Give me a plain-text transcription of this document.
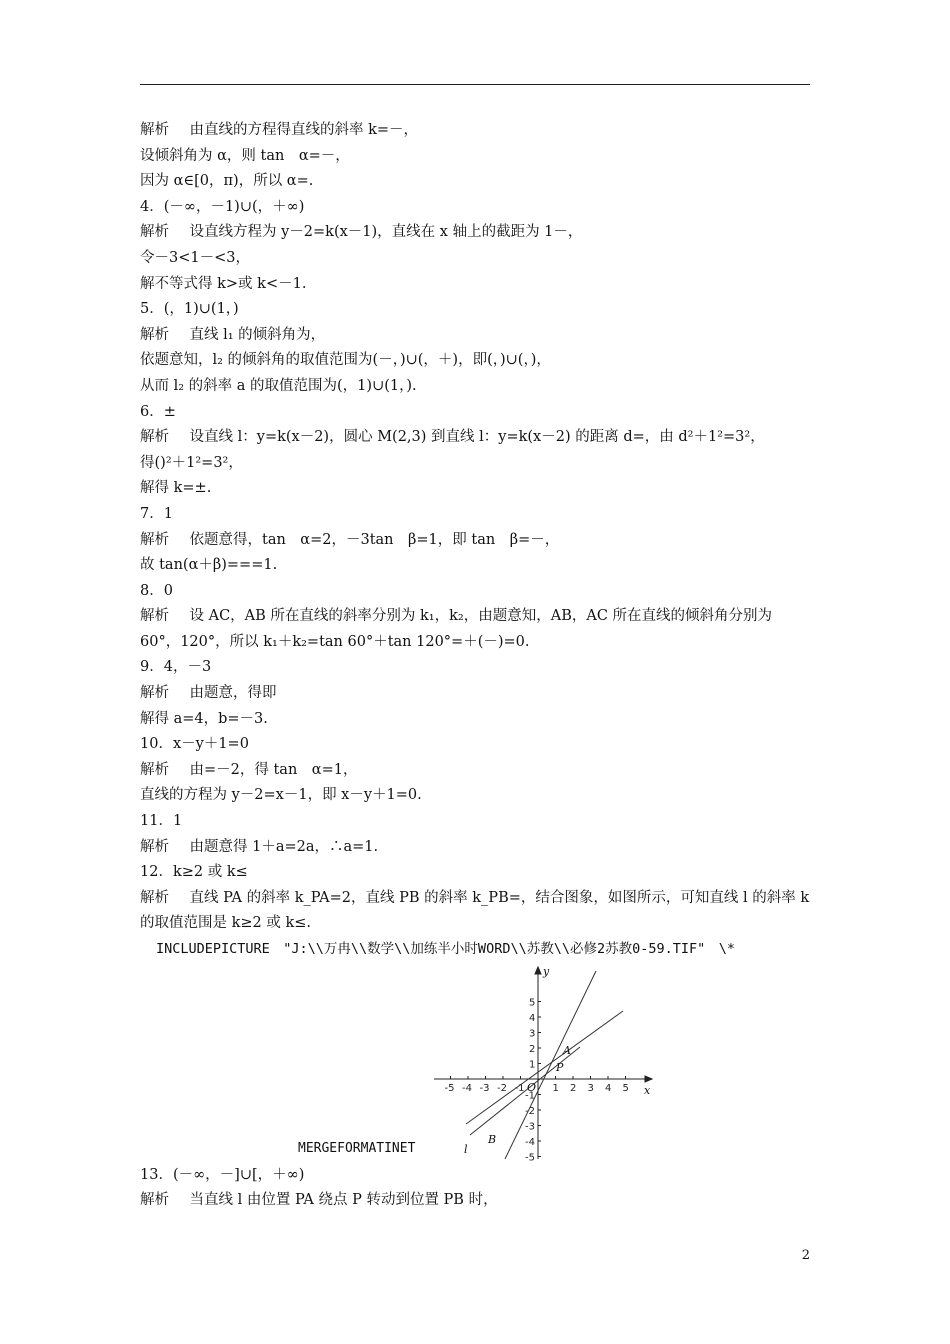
解析　 由直线的方程得直线的斜率 k=－，
设倾斜角为 α，则 tan　α=－，
因为 α∈[0，π)，所以 α=.
4．(－∞，－1)∪(，＋∞)
解析　 设直线方程为 y－2=k(x－1)，直线在 x 轴上的截距为 1－，
令－3<1－<3，
解不等式得 k>或 k<－1.
5．(，1)∪(1，)
解析　 直线 l₁ 的倾斜角为，
依题意知，l₂ 的倾斜角的取值范围为(－，)∪(，＋)，即(，)∪(，)，
从而 l₂ 的斜率 a 的取值范围为(，1)∪(1，).
6．±
解析　 设直线 l：y=k(x－2)，圆心 M(2,3) 到直线 l：y=k(x－2) 的距离 d=，由 d²＋1²=3²，
得()²＋1²=3²，
解得 k=±.
7．1
解析　 依题意得，tan　α=2，－3tan　β=1，即 tan　β=－，
故 tan(α＋β)===1.
8．0
解析　 设 AC，AB 所在直线的斜率分别为 k₁，k₂，由题意知，AB，AC 所在直线的倾斜角分别为
60°，120°，所以 k₁＋k₂=tan 60°＋tan 120°=＋(－)=0.
9．4，－3
解析　 由题意，得即
解得 a=4，b=－3.
10．x－y＋1=0
解析　 由=－2，得 tan　α=1，
直线的方程为 y－2=x－1，即 x－y＋1=0.
11．1
解析　 由题意得 1＋a=2a，∴a=1.
12．k≥2 或 k≤
解析　 直线 PA 的斜率 k_PA=2，直线 PB 的斜率 k_PB=，结合图象，如图所示，可知直线 l 的斜率 k
的取值范围是 k≥2 或 k≤.
INCLUDEPICTURE　"J:\\万冉\\数学\\加练半小时WORD\\苏教\\必修2苏教0-59.TIF"　\*
-5 -4 -3 -2 -1	1 2 3 4 5
5
4
3
2
1
-1
-2
-3
-4
-5
A
B
P
l
x
y
O
MERGEFORMATINET
13．(－∞，－]∪[，＋∞)
解析　 当直线 l 由位置 PA 绕点 P 转动到位置 PB 时，
2
